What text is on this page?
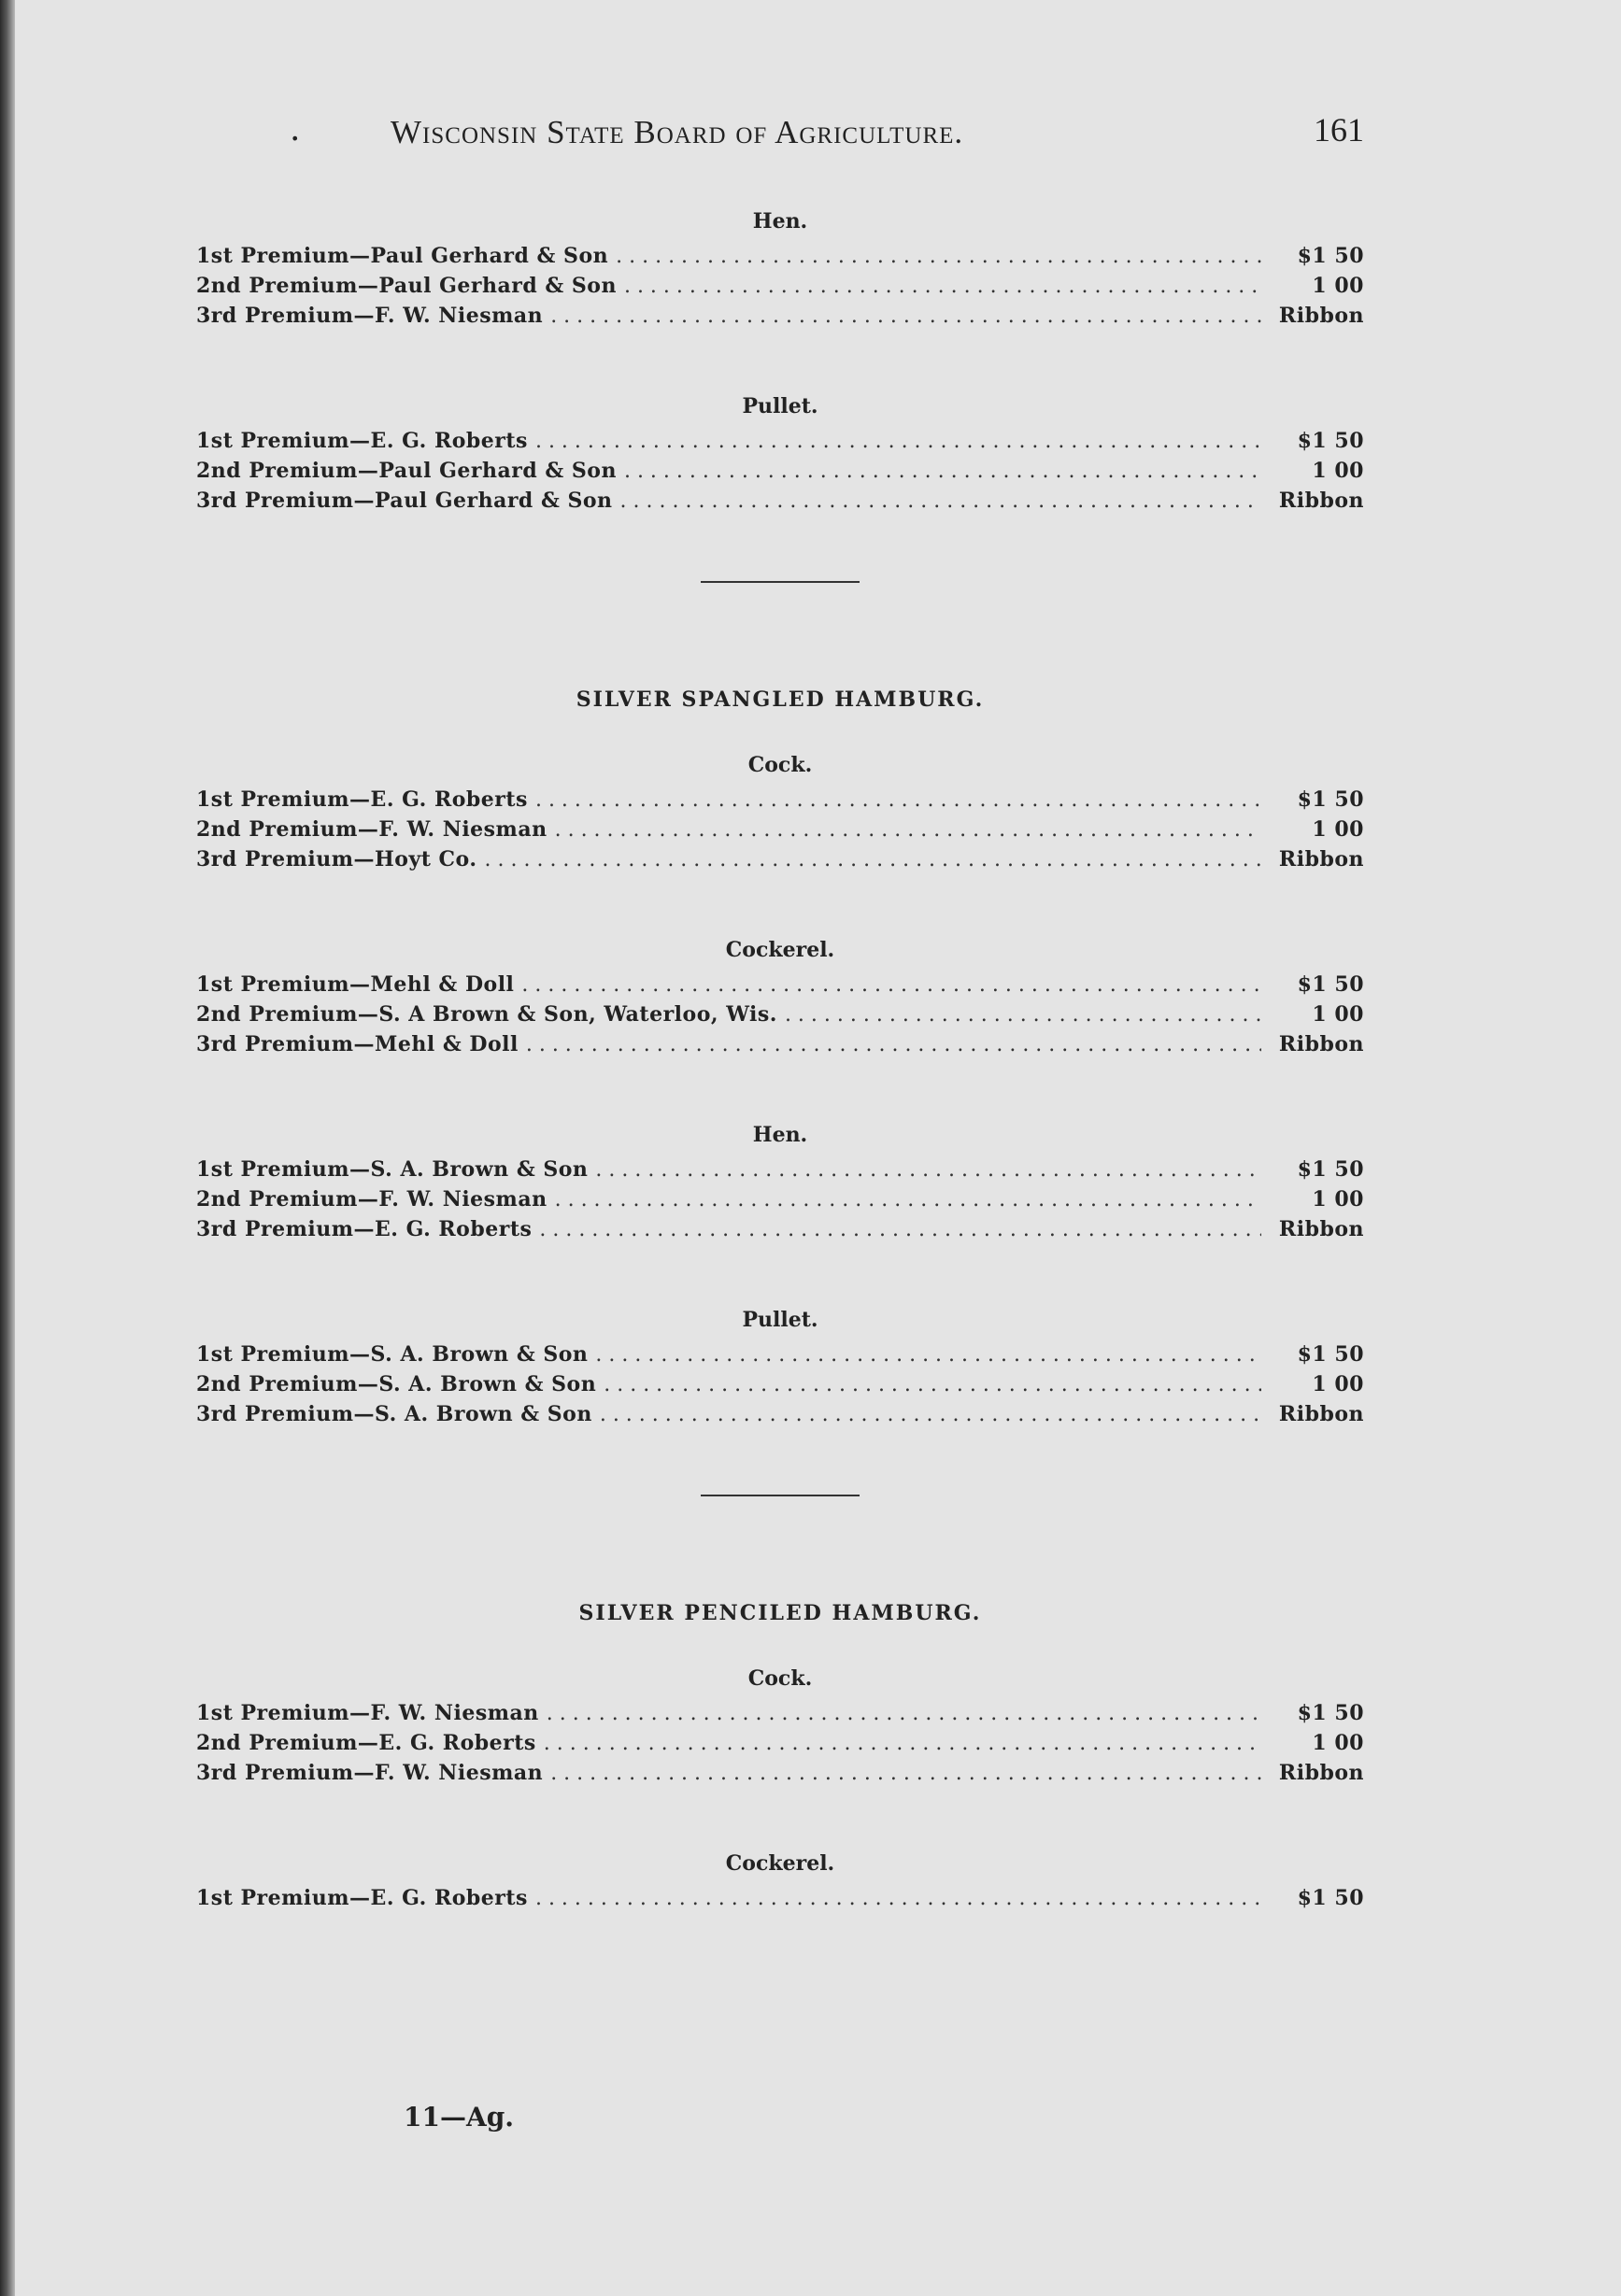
.	Wisconsin State Board of Agriculture.	161
Hen.
1st Premium—Paul Gerhard & Son . . .	$1 50
2nd Premium—Paul Gerhard & Son . . .	1 00
3rd Premium—F. W. Niesman . . .	Ribbon
Pullet.
1st Premium—E. G. Roberts . . .	$1 50
2nd Premium—Paul Gerhard & Son . . .	1 00
3rd Premium—Paul Gerhard & Son . . .	Ribbon
SILVER SPANGLED HAMBURG.
Cock.
1st Premium—E. G. Roberts . . .	$1 50
2nd Premium—F. W. Niesman . . .	1 00
3rd Premium—Hoyt Co. . . .	Ribbon
Cockerel.
1st Premium—Mehl & Doll . . .	$1 50
2nd Premium—S. A Brown & Son, Waterloo, Wis. . . .	1 00
3rd Premium—Mehl & Doll . . .	Ribbon
Hen.
1st Premium—S. A. Brown & Son . . .	$1 50
2nd Premium—F. W. Niesman . . .	1 00
3rd Premium—E. G. Roberts . . .	Ribbon
Pullet.
1st Premium—S. A. Brown & Son . . .	$1 50
2nd Premium—S. A. Brown & Son . . .	1 00
3rd Premium—S. A. Brown & Son . . .	Ribbon
SILVER PENCILED HAMBURG.
Cock.
1st Premium—F. W. Niesman . . .	$1 50
2nd Premium—E. G. Roberts . . .	1 00
3rd Premium—F. W. Niesman . . .	Ribbon
Cockerel.
1st Premium—E. G. Roberts . . .	$1 50
11—Ag.
